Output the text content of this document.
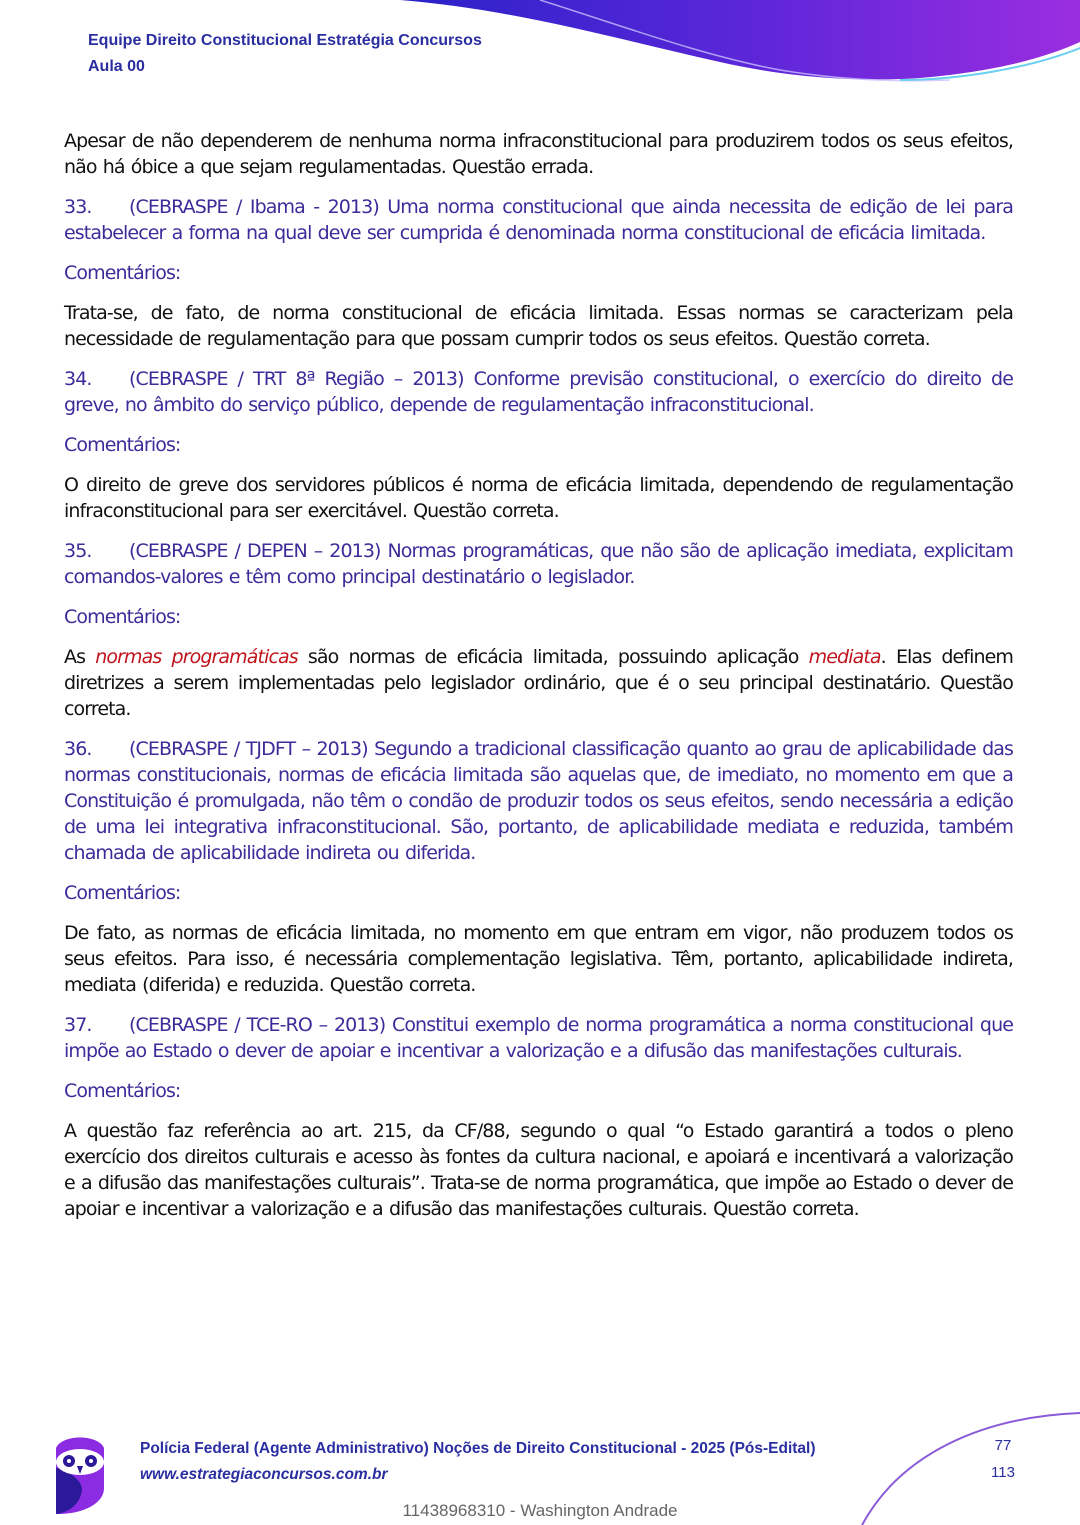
Equipe Direito Constitucional Estratégia Concursos
Aula 00

Apesar de não dependerem de nenhuma norma infraconstitucional para produzirem todos os seus efeitos, não há óbice a que sejam regulamentadas. Questão errada.

33. (CEBRASPE / Ibama - 2013) Uma norma constitucional que ainda necessita de edição de lei para estabelecer a forma na qual deve ser cumprida é denominada norma constitucional de eficácia limitada.

Comentários:

Trata-se, de fato, de norma constitucional de eficácia limitada. Essas normas se caracterizam pela necessidade de regulamentação para que possam cumprir todos os seus efeitos. Questão correta.

34. (CEBRASPE / TRT 8ª Região – 2013) Conforme previsão constitucional, o exercício do direito de greve, no âmbito do serviço público, depende de regulamentação infraconstitucional.

Comentários:

O direito de greve dos servidores públicos é norma de eficácia limitada, dependendo de regulamentação infraconstitucional para ser exercitável. Questão correta.

35. (CEBRASPE / DEPEN – 2013) Normas programáticas, que não são de aplicação imediata, explicitam comandos-valores e têm como principal destinatário o legislador.

Comentários:

As normas programáticas são normas de eficácia limitada, possuindo aplicação mediata. Elas definem diretrizes a serem implementadas pelo legislador ordinário, que é o seu principal destinatário. Questão correta.

36. (CEBRASPE / TJDFT – 2013) Segundo a tradicional classificação quanto ao grau de aplicabilidade das normas constitucionais, normas de eficácia limitada são aquelas que, de imediato, no momento em que a Constituição é promulgada, não têm o condão de produzir todos os seus efeitos, sendo necessária a edição de uma lei integrativa infraconstitucional. São, portanto, de aplicabilidade mediata e reduzida, também chamada de aplicabilidade indireta ou diferida.

Comentários:

De fato, as normas de eficácia limitada, no momento em que entram em vigor, não produzem todos os seus efeitos. Para isso, é necessária complementação legislativa. Têm, portanto, aplicabilidade indireta, mediata (diferida) e reduzida. Questão correta.

37. (CEBRASPE / TCE-RO – 2013) Constitui exemplo de norma programática a norma constitucional que impõe ao Estado o dever de apoiar e incentivar a valorização e a difusão das manifestações culturais.

Comentários:

A questão faz referência ao art. 215, da CF/88, segundo o qual “o Estado garantirá a todos o pleno exercício dos direitos culturais e acesso às fontes da cultura nacional, e apoiará e incentivará a valorização e a difusão das manifestações culturais”. Trata-se de norma programática, que impõe ao Estado o dever de apoiar e incentivar a valorização e a difusão das manifestações culturais. Questão correta.

Polícia Federal (Agente Administrativo) Noções de Direito Constitucional - 2025 (Pós-Edital)
www.estrategiaconcursos.com.br
77
113
11438968310 - Washington Andrade
